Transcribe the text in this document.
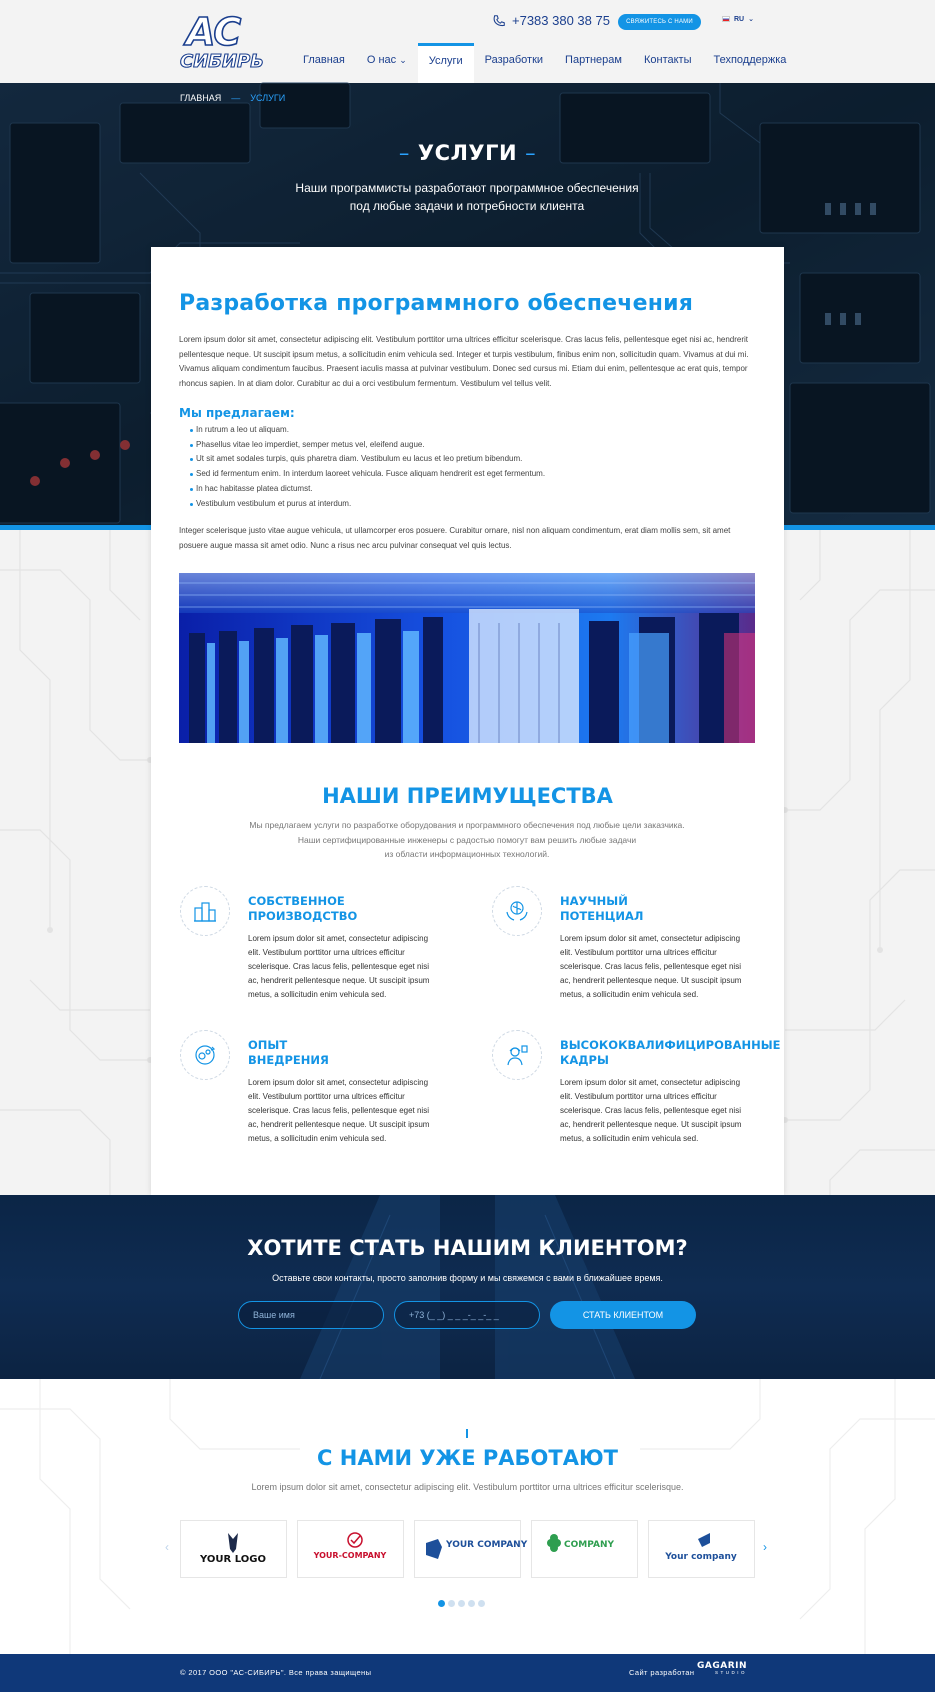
АС
СИБИРЬ
+7383 380 38 75	СВЯЖИТЕСЬ С НАМИ	RU ⌄
Главная	О нас ⌄	Услуги	Разработки	Партнерам	Контакты	Техподдержка
ГЛАВНАЯ — УСЛУГИ
– УСЛУГИ –
Наши программисты разработают программное обеспечения
под любые задачи и потребности клиента
Разработка программного обеспечения

Lorem ipsum dolor sit amet, consectetur adipiscing elit. Vestibulum porttitor urna ultrices efficitur scelerisque. Cras lacus felis, pellentesque eget nisi ac, hendrerit pellentesque neque. Ut suscipit ipsum metus, a sollicitudin enim vehicula sed. Integer et turpis vestibulum, finibus enim non, sollicitudin quam. Vivamus at dui mi. Vivamus aliquam condimentum faucibus. Praesent iaculis massa at pulvinar vestibulum. Donec sed cursus mi. Etiam dui enim, pellentesque ac erat quis, tempor rhoncus sapien. In at diam dolor. Curabitur ac dui a orci vestibulum fermentum. Vestibulum vel tellus velit.

Мы предлагаем:
In rutrum a leo ut aliquam.
Phasellus vitae leo imperdiet, semper metus vel, eleifend augue.
Ut sit amet sodales turpis, quis pharetra diam. Vestibulum eu lacus et leo pretium bibendum.
Sed id fermentum enim. In interdum laoreet vehicula. Fusce aliquam hendrerit est eget fermentum.
In hac habitasse platea dictumst.
Vestibulum vestibulum et purus at interdum.

Integer scelerisque justo vitae augue vehicula, ut ullamcorper eros posuere. Curabitur ornare, nisl non aliquam condimentum, erat diam mollis sem, sit amet posuere augue massa sit amet odio. Nunc a risus nec arcu pulvinar consequat vel quis lectus.

НАШИ ПРЕИМУЩЕСТВА
Мы предлагаем услуги по разработке оборудования и программного обеспечения под любые цели заказчика.
Наши сертифицированные инженеры с радостью помогут вам решить любые задачи
из области информационных технологий.
СОБСТВЕННОЕ
ПРОИЗВОДСТВО

Lorem ipsum dolor sit amet, consectetur adipiscing elit. Vestibulum porttitor urna ultrices efficitur scelerisque. Cras lacus felis, pellentesque eget nisi ac, hendrerit pellentesque neque. Ut suscipit ipsum metus, a sollicitudin enim vehicula sed.

НАУЧНЫЙ
ПОТЕНЦИАЛ

Lorem ipsum dolor sit amet, consectetur adipiscing elit. Vestibulum porttitor urna ultrices efficitur scelerisque. Cras lacus felis, pellentesque eget nisi ac, hendrerit pellentesque neque. Ut suscipit ipsum metus, a sollicitudin enim vehicula sed.

ОПЫТ
ВНЕДРЕНИЯ

Lorem ipsum dolor sit amet, consectetur adipiscing elit. Vestibulum porttitor urna ultrices efficitur scelerisque. Cras lacus felis, pellentesque eget nisi ac, hendrerit pellentesque neque. Ut suscipit ipsum metus, a sollicitudin enim vehicula sed.

ВЫСОКОКВАЛИФИЦИРОВАННЫЕ
КАДРЫ

Lorem ipsum dolor sit amet, consectetur adipiscing elit. Vestibulum porttitor urna ultrices efficitur scelerisque. Cras lacus felis, pellentesque eget nisi ac, hendrerit pellentesque neque. Ut suscipit ipsum metus, a sollicitudin enim vehicula sed.

ХОТИТЕ СТАТЬ НАШИМ КЛИЕНТОМ?
Оставьте свои контакты, просто заполнив форму и мы свяжемся с вами в ближайшее время.
Ваше имя	+73 (_ _) _ _ _-_ _-_ _	СТАТЬ КЛИЕНТОМ
С НАМИ УЖЕ РАБОТАЮТ
Lorem ipsum dolor sit amet, consectetur adipiscing elit. Vestibulum porttitor urna ultrices efficitur scelerisque.
‹
YOUR LOGO	YOUR-COMPANY
YOUR COMPANY	COMPANY
Your company
›
© 2017 ООО "АС-СИБИРЬ". Все права защищены	Сайт разработан
GAGARIN
STUDIO
